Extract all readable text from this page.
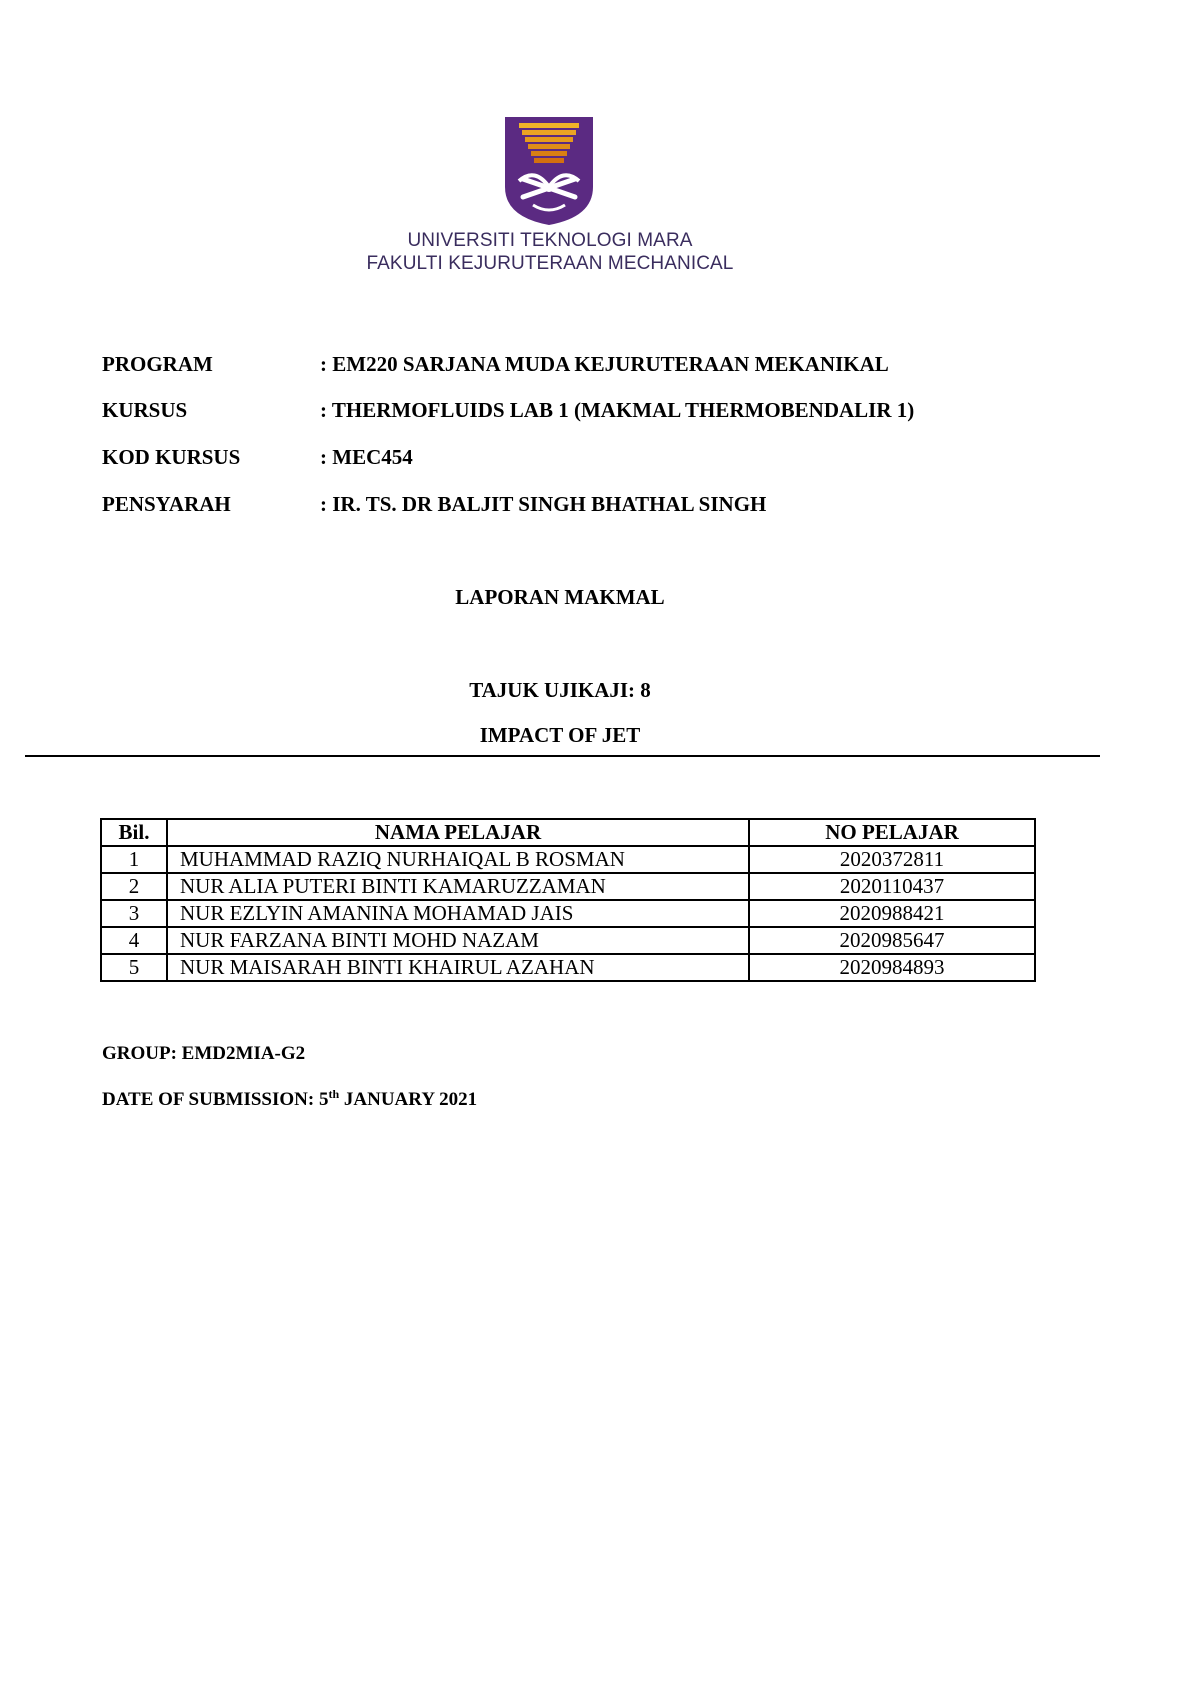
UNIVERSITI TEKNOLOGI MARA
FAKULTI KEJURUTERAAN MECHANICAL
PROGRAM	: EM220 SARJANA MUDA KEJURUTERAAN MEKANIKAL
KURSUS	: THERMOFLUIDS LAB 1 (MAKMAL THERMOBENDALIR 1)
KOD KURSUS	: MEC454
PENSYARAH	: IR. TS. DR BALJIT SINGH BHATHAL SINGH
LAPORAN MAKMAL
TAJUK UJIKAJI: 8
IMPACT OF JET
Bil.	NAMA PELAJAR	NO PELAJAR
1	MUHAMMAD RAZIQ NURHAIQAL B ROSMAN	2020372811
2	NUR ALIA PUTERI BINTI KAMARUZZAMAN	2020110437
3	NUR EZLYIN AMANINA MOHAMAD JAIS	2020988421
4	NUR FARZANA BINTI MOHD NAZAM	2020985647
5	NUR MAISARAH BINTI KHAIRUL AZAHAN	2020984893
GROUP: EMD2MIA-G2
DATE OF SUBMISSION: 5th JANUARY 2021
